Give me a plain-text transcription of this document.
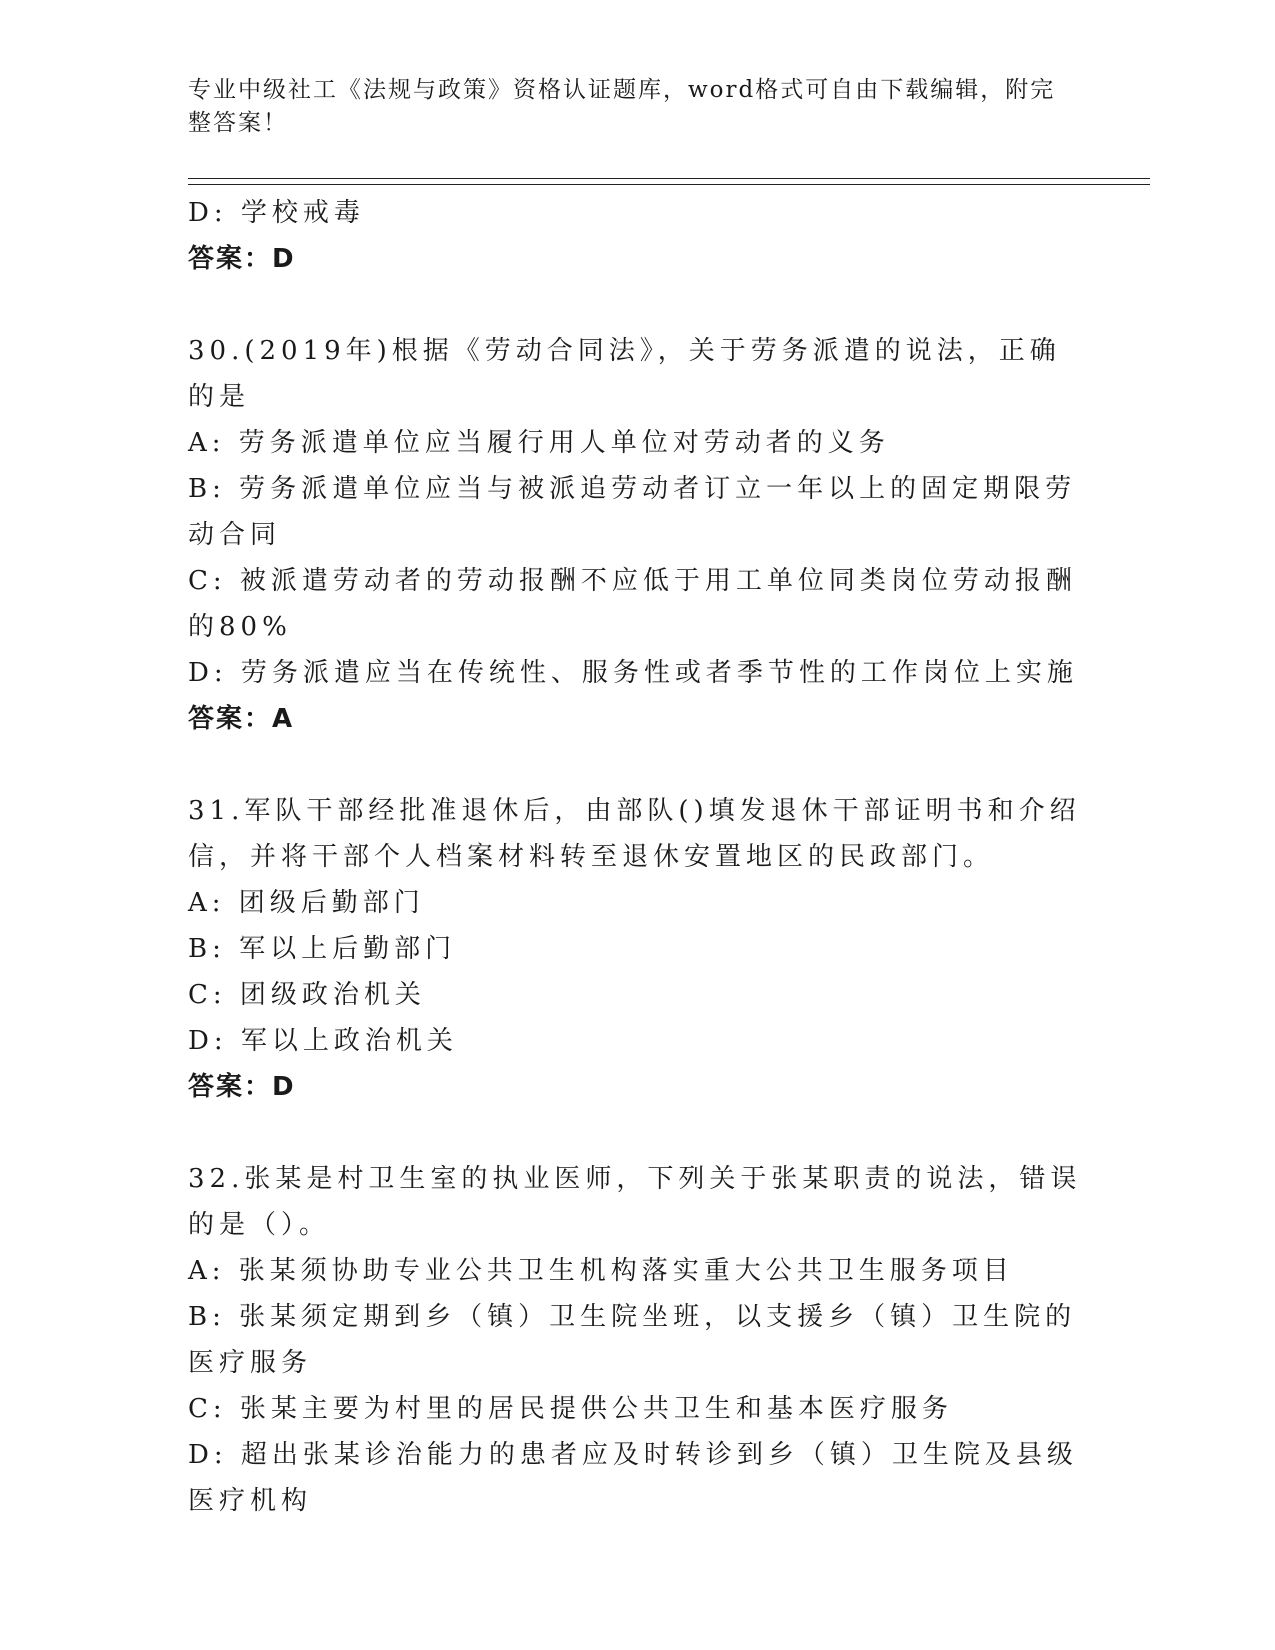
专业中级社工《法规与政策》资格认证题库，word格式可自由下载编辑，附完整答案！
D: 学校戒毒
答案：D
30.(2019年)根据《劳动合同法》，关于劳务派遣的说法，正确的是
A: 劳务派遣单位应当履行用人单位对劳动者的义务
B: 劳务派遣单位应当与被派追劳动者订立一年以上的固定期限劳动合同
C: 被派遣劳动者的劳动报酬不应低于用工单位同类岗位劳动报酬的80%
D: 劳务派遣应当在传统性、服务性或者季节性的工作岗位上实施
答案：A
31.军队干部经批准退休后，由部队()填发退休干部证明书和介绍信，并将干部个人档案材料转至退休安置地区的民政部门。
A: 团级后勤部门
B: 军以上后勤部门
C: 团级政治机关
D: 军以上政治机关
答案：D
32.张某是村卫生室的执业医师，下列关于张某职责的说法，错误的是（）。
A: 张某须协助专业公共卫生机构落实重大公共卫生服务项目
B: 张某须定期到乡（镇）卫生院坐班，以支援乡（镇）卫生院的医疗服务
C: 张某主要为村里的居民提供公共卫生和基本医疗服务
D: 超出张某诊治能力的患者应及时转诊到乡（镇）卫生院及县级医疗机构
